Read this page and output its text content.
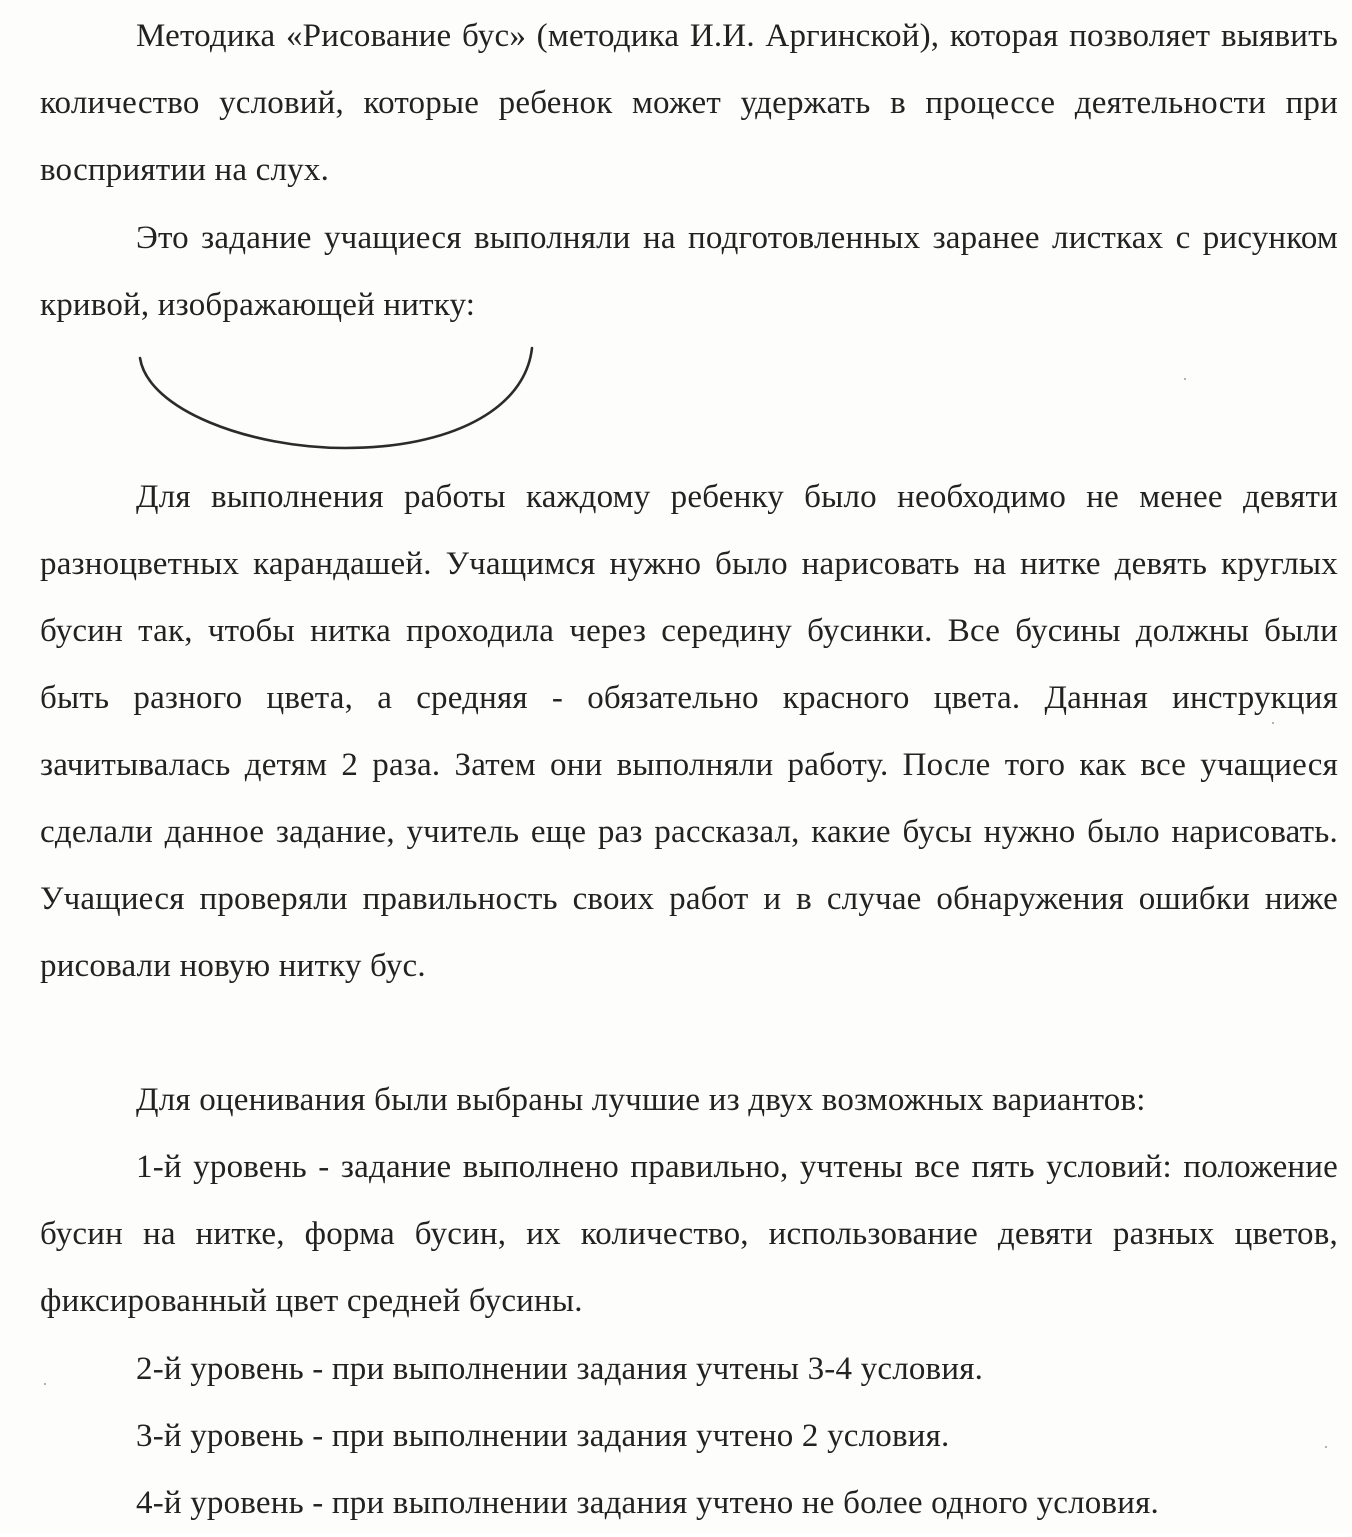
Методика «Рисование бус» (методика И.И. Аргинской), которая позволяет выявить количество условий, которые ребенок может удержать в процессе деятельности при восприятии на слух.

Это задание учащиеся выполняли на подготовленных заранее листках с рисунком кривой, изображающей нитку:

Для выполнения работы каждому ребенку было необходимо не менее девяти разноцветных карандашей. Учащимся нужно было нарисовать на нитке девять круглых бусин так, чтобы нитка проходила через середину бусинки. Все бусины должны были быть разного цвета, а средняя - обязательно красного цвета. Данная инструкция зачитывалась детям 2 раза. Затем они выполняли работу. После того как все учащиеся сделали данное задание, учитель еще раз рассказал, какие бусы нужно было нарисовать. Учащиеся проверяли правильность своих работ и в случае обнаружения ошибки ниже рисовали новую нитку бус.

Для оценивания были выбраны лучшие из двух возможных вариантов:

1-й уровень - задание выполнено правильно, учтены все пять условий: положение бусин на нитке, форма бусин, их количество, использование девяти разных цветов, фиксированный цвет средней бусины.

2-й уровень - при выполнении задания учтены 3-4 условия.

3-й уровень - при выполнении задания учтено 2 условия.

4-й уровень - при выполнении задания учтено не более одного условия.
